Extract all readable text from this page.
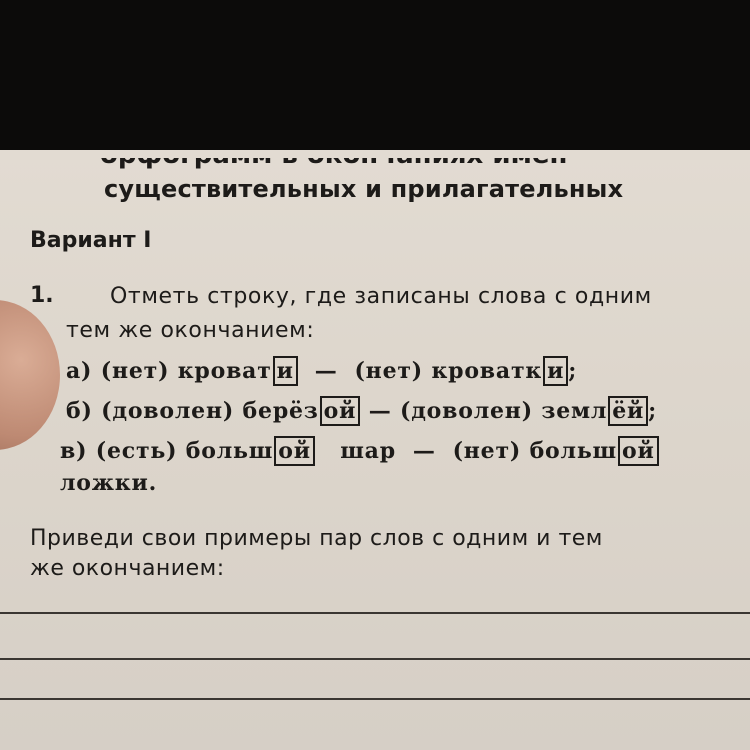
существительных и прилагательных
Вариант I
1.	Отметь строку, где записаны слова с одним
тем же окончанием:
а) (нет) кроват и — (нет) кроватк и ;
б) (доволен) берёз ой — (доволен) земл ёй ;
в) (есть) больш ой шар — (нет) больш ой
ложки.
Приведи свои примеры пар слов с одним и тем
же окончанием:
